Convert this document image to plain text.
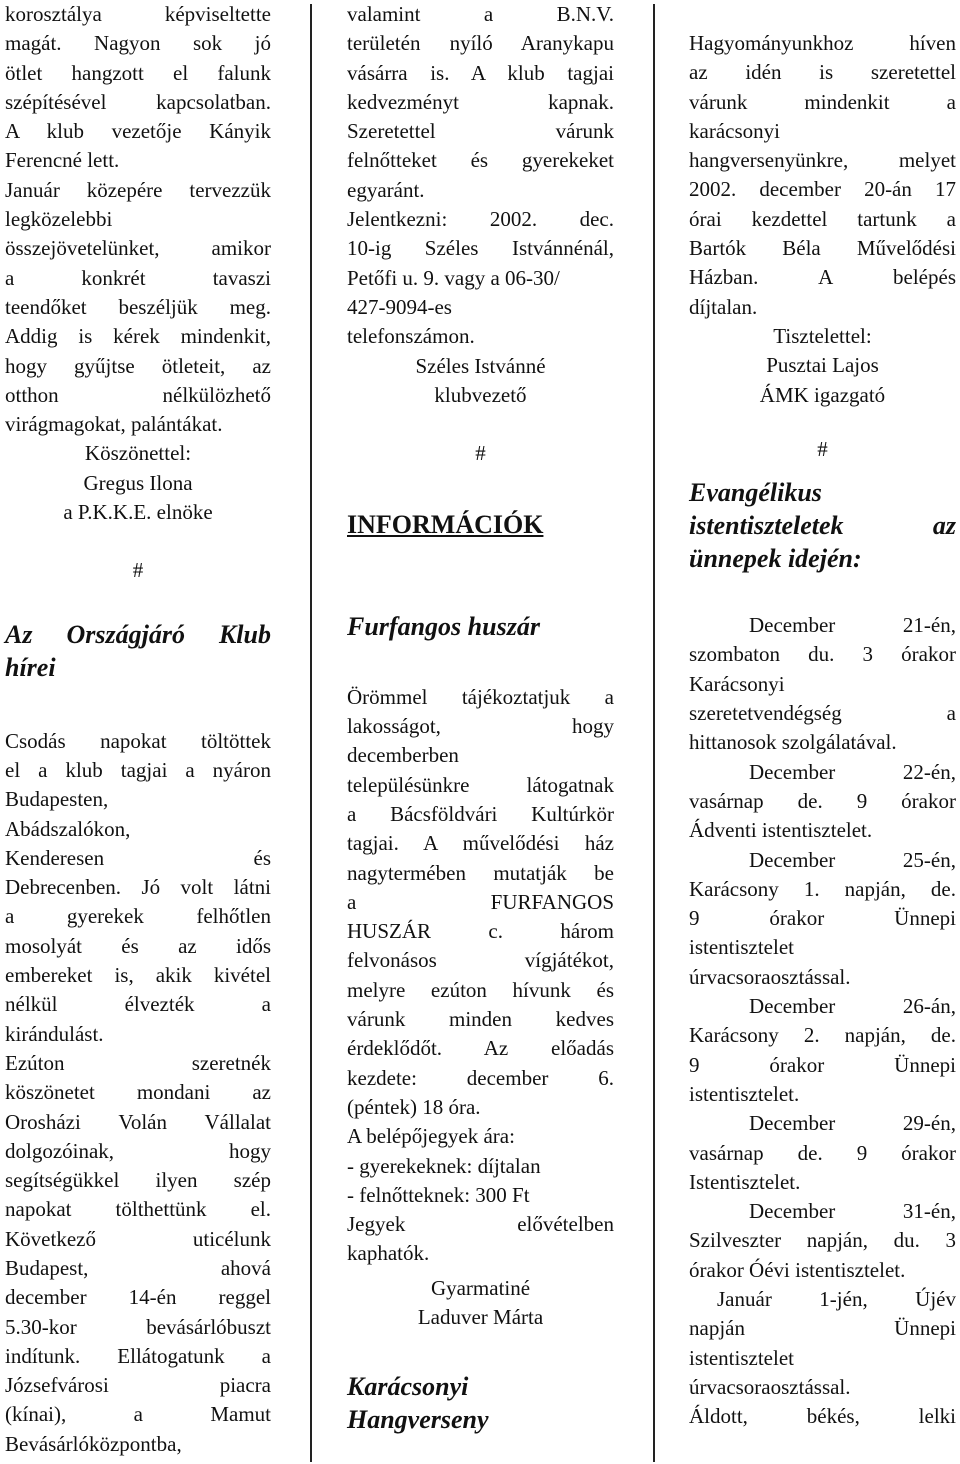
korosztálya képviseltette

magát. Nagyon sok jó

ötlet hangzott el falunk

szépítésével kapcsolatban.

A klub vezetője Kányik

Ferencné lett.

Január közepére tervezzük

legközelebbi

összejövetelünket, amikor

a konkrét tavaszi

teendőket beszéljük meg.

Addig is kérek mindenkit,

hogy gyűjtse ötleteit, az

otthon nélkülözhető

virágmagokat, palántákat.

Köszönettel:

Gregus Ilona

a P.K.K.E. elnöke

#

Az Országjáró Klub

hírei

Csodás napokat töltöttek

el a klub tagjai a nyáron

Budapesten,

Abádszalókon,

Kenderesen és

Debrecenben. Jó volt látni

a gyerekek felhőtlen

mosolyát és az idős

embereket is, akik kivétel

nélkül élvezték a

kirándulást.

Ezúton szeretnék

köszönetet mondani az

Orosházi Volán Vállalat

dolgozóinak, hogy

segítségükkel ilyen szép

napokat tölthettünk el.

Következő uticélunk

Budapest, ahová

december 14-én reggel

5.30-kor bevásárlóbuszt

indítunk. Ellátogatunk a

Józsefvárosi piacra

(kínai), a Mamut

Bevásárlóközpontba,

valamint a B.N.V.

területén nyíló Aranykapu

vásárra is. A klub tagjai

kedvezményt kapnak.

Szeretettel várunk

felnőtteket és gyerekeket

egyaránt.

Jelentkezni: 2002. dec.

10-ig Széles Istvánnénál,

Petőfi u. 9. vagy a 06-30/

427-9094-es

telefonszámon.

Széles Istvánné

klubvezető

#

INFORMÁCIÓK

Furfangos huszár

Örömmel tájékoztatjuk a

lakosságot, hogy

decemberben

településünkre látogatnak

a Bácsföldvári Kultúrkör

tagjai. A művelődési ház

nagytermében mutatják be

a FURFANGOS

HUSZÁR c. három

felvonásos vígjátékot,

melyre ezúton hívunk és

várunk minden kedves

érdeklődőt. Az előadás

kezdete: december 6.

(péntek) 18 óra.

A belépőjegyek ára:

- gyerekeknek: díjtalan

- felnőtteknek: 300 Ft

Jegyek elővételben

kaphatók.

Gyarmatiné

Laduver Márta

Karácsonyi

Hangverseny

Hagyományunkhoz híven

az idén is szeretettel

várunk mindenkit a

karácsonyi

hangversenyünkre, melyet

2002. december 20-án 17

órai kezdettel tartunk a

Bartók Béla Művelődési

Házban. A belépés

díjtalan.

Tisztelettel:

Pusztai Lajos

ÁMK igazgató

#

Evangélikus

istentiszteletek az

ünnepek idején:

December 21-én,

szombaton du. 3 órakor

Karácsonyi

szeretetvendégség a

hittanosok szolgálatával.

December 22-én,

vasárnap de. 9 órakor

Ádventi istentisztelet.

December 25-én,

Karácsony 1. napján, de.

9 órakor Ünnepi

istentisztelet

úrvacsoraosztással.

December 26-án,

Karácsony 2. napján, de.

9 órakor Ünnepi

istentisztelet.

December 29-én,

vasárnap de. 9 órakor

Istentisztelet.

December 31-én,

Szilveszter napján, du. 3

órakor Óévi istentisztelet.

Január 1-jén, Újév

napján Ünnepi

istentisztelet

úrvacsoraosztással.

Áldott, békés, lelki
